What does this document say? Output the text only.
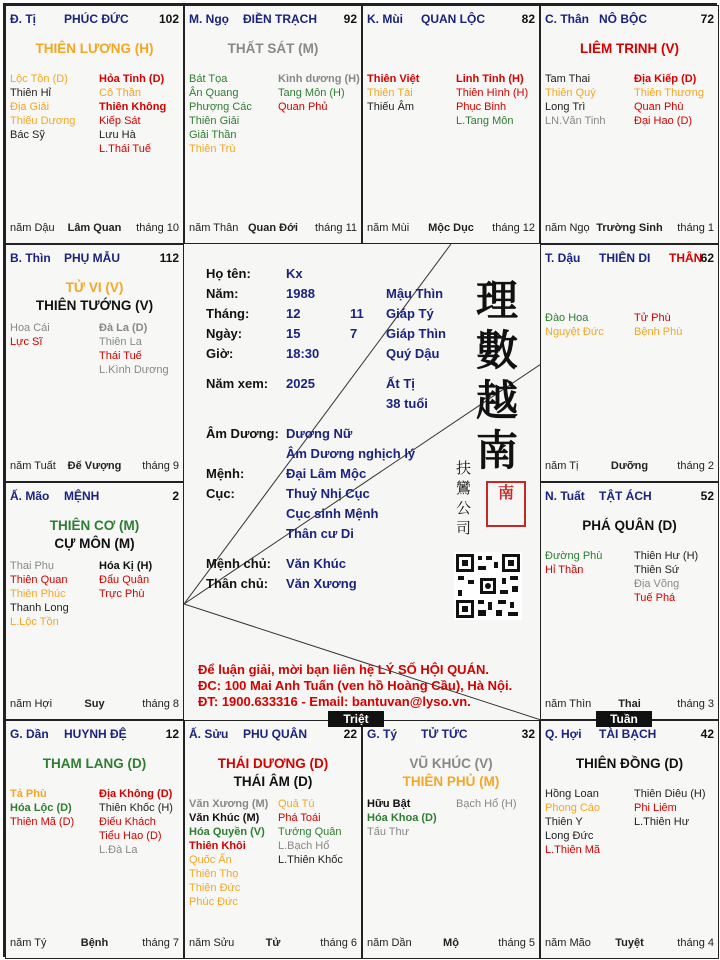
Đ. Tị PHÚC ĐỨC	102
THIÊN LƯƠNG (H)
Lộc Tồn (D)
Thiên Hỉ
Địa Giải
Thiếu Dương
Bác Sỹ
Hỏa Tinh (D)
Cô Thần
Thiên Không
Kiếp Sát
Lưu Hà
L.Thái Tuế
năm Dậu	Lâm Quan	tháng 10
M. Ngọ ĐIỀN TRẠCH 92
THẤT SÁT (M)
Bát Tọa
Ân Quang
Phượng Các
Thiên Giải
Giải Thần
Thiên Trù
Kình dương (H)
Tang Môn (H)
Quan Phủ
năm Thân Quan Đới	tháng 11
K. Mùi QUAN LỘC	82
Thiên Việt
Thiên Tài
Thiếu Âm
Linh Tinh (H)
Thiên Hình (H)
Phục Binh
L.Tang Môn
năm Mùi	Mộc Dục	tháng 12
C. Thân NÔ BỘC	72
LIÊM TRINH (V)
Tam Thai
Thiên Quý
Long Trì
LN.Văn Tinh
Địa Kiếp (D)
Thiên Thương
Quan Phù
Đại Hao (D)
năm Ngọ Trường Sinh	tháng 1
T. Dậu THIÊN DI THÂN
62
Đào Hoa
Nguyệt Đức
Tử Phù
Bệnh Phù
năm Tị	Dưỡng	tháng 2
N. Tuất TẬT ÁCH	52
PHÁ QUÂN (D)
Đường Phù
Hỉ Thần
Thiên Hư (H)
Thiên Sứ
Địa Võng
Tuế Phá
năm Thìn	Thai	tháng 3
Q. Hợi TÀI BẠCH	42
THIÊN ĐỒNG (D)
Hồng Loan
Phong Cáo
Thiên Y
Long Đức
L.Thiên Mã
Thiên Diêu (H)
Phi Liêm
L.Thiên Hư
năm Mão	Tuyệt	tháng 4
G. Tý TỬ TỨC	32
VŨ KHÚC (V)
THIÊN PHỦ (M)
Hữu Bật
Hóa Khoa (D)
Tấu Thư
Bạch Hổ (H)
năm Dần	Mộ	tháng 5
Ấ. Sửu PHU QUÂN	22
THÁI DƯƠNG (D)
THÁI ÂM (D)
Văn Xương (M)
Văn Khúc (M)
Hóa Quyền (V)
Thiên Khôi
Quốc Ấn
Thiên Thọ
Thiên Đức
Phúc Đức
Quả Tú
Phá Toái
Tướng Quân
L.Bạch Hổ
L.Thiên Khốc
năm Sửu	Tử	tháng 6
G. Dần HUYNH ĐỆ	12
THAM LANG (D)
Tả Phù
Hóa Lộc (D)
Thiên Mã (D)
Địa Không (D)
Thiên Khốc (H)
Điếu Khách
Tiểu Hao (D)
L.Đà La
năm Tý	Bệnh	tháng 7
Ấ. Mão MỆNH	2
THIÊN CƠ (M)
CỰ MÔN (M)
Thai Phụ
Thiên Quan
Thiên Phúc
Thanh Long
L.Lộc Tồn
Hóa Kị (H)
Đẩu Quân
Trực Phù
năm Hợi	Suy	tháng 8
B. Thìn PHỤ MẪU	112
TỬ VI (V)
THIÊN TƯỚNG (V)
Hoa Cái
Lực Sĩ
Đà La (D)
Thiên La
Thái Tuế
L.Kình Dương
năm Tuất	Đế Vượng	tháng 9
Họ tên:	Kx
Năm:	1988	Mậu Thìn
Tháng:	12	11 Giáp Tý
Ngày:	15	7 Giáp Thìn
Giờ:	18:30	Quý Dậu
Năm xem: 2025	Ất Tị
38 tuổi
Âm Dương: Dương Nữ
Âm Dương nghịch lý
Mệnh:	Đại Lâm Mộc
Cục:	Thuỷ Nhị Cục
Cục sinh Mệnh
Thân cư Di
Mệnh chủ: Văn Khúc
Thân chủ: Văn Xương
理
數
越
南
扶鸞公司
南
Để luận giải, mời bạn liên hệ LÝ SỐ HỘI QUÁN.
ĐC: 100 Mai Anh Tuấn (ven hồ Hoàng Cầu), Hà Nội.
ĐT: 1900.633316 - Email: bantuvan@lyso.vn.
Triệt	Tuần
